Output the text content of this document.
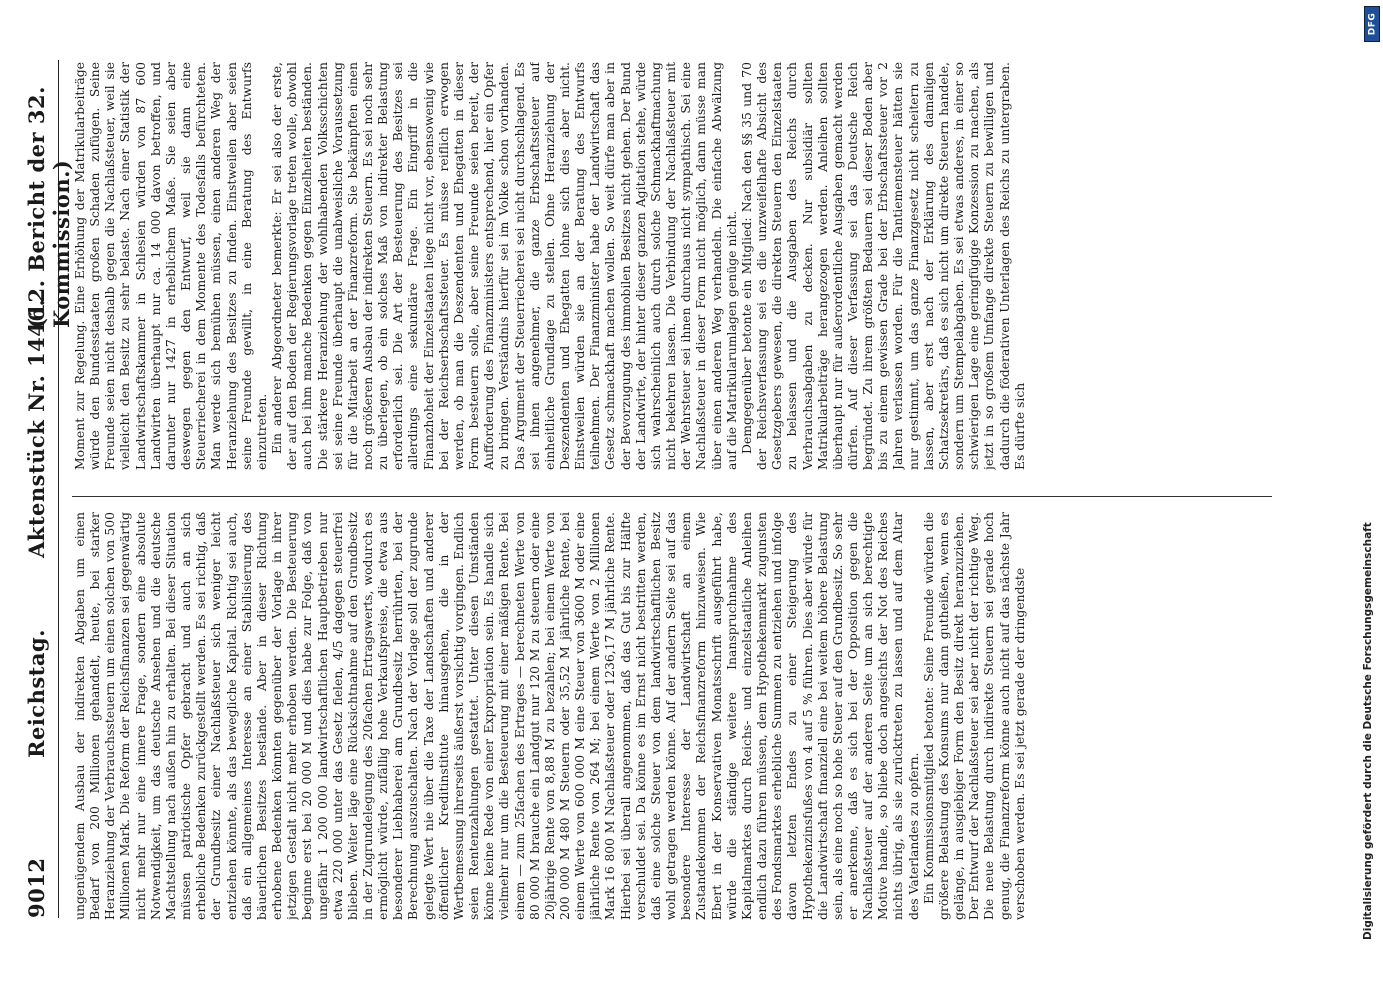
9012
Reichstag.
Aktenstück Nr. 1446.
(12. Bericht der 32. Kommission.)

ungenügendem Ausbau der indirekten Abgaben um einen Bedarf von 200 Millionen gehandelt, heute, bei starker Heranziehung der Verbrauchssteuern um einen solchen von 500 Millionen Mark. Die Reform der Reichsfinanzen sei gegenwärtig nicht mehr nur eine innere Frage, sondern eine absolute Notwendigkeit, um das deutsche Ansehen und die deutsche Machtstellung nach außen hin zu erhalten. Bei dieser Situation müssen patriotische Opfer gebracht und auch an sich erhebliche Bedenken zurückgestellt werden. Es sei richtig, daß der Grundbesitz einer Nachlaßsteuer sich weniger leicht entziehen könnte, als das bewegliche Kapital. Richtig sei auch, daß ein allgemeines Interesse an einer Stabilisierung des bäuerlichen Besitzes bestände. Aber in dieser Richtung erhobene Bedenken könnten gegenüber der Vorlage in ihrer jetzigen Gestalt nicht mehr erhoben werden. Die Besteuerung beginne erst bei 20 000 M und dies habe zur Folge, daß von ungefähr 1 200 000 landwirtschaftlichen Hauptbetrieben nur etwa 220 000 unter das Gesetz fielen, 4/5 dagegen steuerfrei blieben. Weiter läge eine Rücksichtnahme auf den Grundbesitz in der Zugrundelegung des 20fachen Ertragswerts, wodurch es ermöglicht würde, zufällig hohe Verkaufspreise, die etwa aus besonderer Liebhaberei am Grundbesitz herrührten, bei der Berechnung auszuschalten. Nach der Vorlage soll der zugrunde gelegte Wert nie über die Taxe der Landschaften und anderer öffentlicher Kreditinstitute hinausgehen, die in der Wertbemessung ihrerseits äußerst vorsichtig vorgingen. Endlich seien Rentenzahlungen gestattet. Unter diesen Umständen könne keine Rede von einer Expropriation sein. Es handle sich vielmehr nur um die Besteuerung mit einer mäßigen Rente. Bei einem — zum 25fachen des Ertrages — berechneten Werte von 80 000 M brauche ein Landgut nur 120 M zu steuern oder eine 20jährige Rente von 8,88 M zu bezahlen; bei einem Werte von 200 000 M 480 M Steuern oder 35,52 M jährliche Rente, bei einem Werte von 600 000 M eine Steuer von 3600 M oder eine jährliche Rente von 264 M; bei einem Werte von 2 Millionen Mark 16 800 M Nachlaßsteuer oder 1236,17 M jährliche Rente. Hierbei sei überall angenommen, daß das Gut bis zur Hälfte verschuldet sei. Da könne es im Ernst nicht bestritten werden, daß eine solche Steuer von dem landwirtschaftlichen Besitz wohl getragen werden könne. Auf der andern Seite sei auf das besondere Interesse der Landwirtschaft an einem Zustandekommen der Reichsfinanzreform hinzuweisen. Wie Ebert in der Konservativen Monatsschrift ausgeführt habe, würde die ständige weitere Inanspruchnahme des Kapitalmarktes durch Reichs- und einzelstaatliche Anleihen endlich dazu führen müssen, dem Hypothekenmarkt zugunsten des Fondsmarktes erhebliche Summen zu entziehen und infolge davon letzten Endes zu einer Steigerung des Hypothekenzinsfußes von 4 auf 5 % führen. Dies aber würde für die Landwirtschaft finanziell eine bei weitem höhere Belastung sein, als eine noch so hohe Steuer auf den Grundbesitz. So sehr er anerkenne, daß es sich bei der Opposition gegen die Nachlaßsteuer auf der anderen Seite um an sich berechtigte Motive handle, so bliebe doch angesichts der Not des Reiches nichts übrig, als sie zurücktreten zu lassen und auf dem Altar des Vaterlandes zu opfern. Ein Kommissionsmitglied betonte: Seine Freunde würden die größere Belastung des Konsums nur dann gutheißen, wenn es gelänge, in ausgiebiger Form den Besitz direkt heranzuziehen. Der Entwurf der Nachlaßsteuer sei aber nicht der richtige Weg. Die neue Belastung durch indirekte Steuern sei gerade hoch genug, die Finanzreform könne auch nicht auf das nächste Jahr verschoben werden. Es sei jetzt gerade der dringendste

Moment zur Regelung. Eine Erhöhung der Matrikularbeiträge würde den Bundesstaaten großen Schaden zufügen. Seine Freunde seien nicht deshalb gegen die Nachlaßsteuer, weil sie vielleicht den Besitz zu sehr belaste. Nach einer Statistik der Landwirtschaftskammer in Schlesien würden von 87 600 Landwirten überhaupt nur ca. 14 000 davon betroffen, und darunter nur 1427 in erheblichem Maße. Sie seien aber deswegen gegen den Entwurf, weil sie dann eine Steuerriecherei in dem Momente des Todesfalls befürchteten. Man werde sich bemühen müssen, einen anderen Weg der Heranziehung des Besitzes zu finden. Einstweilen aber seien seine Freunde gewillt, in eine Beratung des Entwurfs einzutreten. Ein anderer Abgeordneter bemerkte: Er sei also der erste, der auf den Boden der Regierungsvorlage treten wolle, obwohl auch bei ihm manche Bedenken gegen Einzelheiten beständen. Die stärkere Heranziehung der wohlhabenden Volksschichten sei seine Freunde überhaupt die unabweisliche Voraussetzung für die Mitarbeit an der Finanzreform. Sie bekämpften einen noch größeren Ausbau der indirekten Steuern. Es sei noch sehr zu überlegen, ob ein solches Maß von indirekter Belastung erforderlich sei. Die Art der Besteuerung des Besitzes sei allerdings eine sekundäre Frage. Ein Eingriff in die Finanzhoheit der Einzelstaaten liege nicht vor, ebensowenig wie bei der Reichserbschaftssteuer. Es müsse reiflich erwogen werden, ob man die Deszendenten und Ehegatten in dieser Form besteuern solle, aber seine Freunde seien bereit, der Aufforderung des Finanzministers entsprechend, hier ein Opfer zu bringen. Verständnis hierfür sei im Volke schon vorhanden. Das Argument der Steuerriecherei sei nicht durchschlagend. Es sei ihnen angenehmer, die ganze Erbschaftssteuer auf einheitliche Grundlage zu stellen. Ohne Heranziehung der Deszendenten und Ehegatten lohne sich dies aber nicht. Einstweilen würden sie an der Beratung des Entwurfs teilnehmen. Der Finanzminister habe der Landwirtschaft das Gesetz schmackhaft machen wollen. So weit dürfe man aber in der Bevorzugung des immobilen Besitzes nicht gehen. Der Bund der Landwirte, der hinter dieser ganzen Agitation stehe, würde sich wahrscheinlich auch durch solche Schmackhaftmachung nicht bekehren lassen. Die Verbindung der Nachlaßsteuer mit der Wehrsteuer sei ihnen durchaus nicht sympathisch. Sei eine Nachlaßsteuer in dieser Form nicht möglich, dann müsse man über einen anderen Weg verhandeln. Die einfache Abwälzung auf die Matrikularumlagen genüge nicht. Demgegenüber betonte ein Mitglied: Nach den §§ 35 und 70 der Reichsverfassung sei es die unzweifelhafte Absicht des Gesetzgebers gewesen, die direkten Steuern den Einzelstaaten zu belassen und die Ausgaben des Reichs durch Verbrauchsabgaben zu decken. Nur subsidiär sollten Matrikularbeiträge herangezogen werden. Anleihen sollten überhaupt nur für außerordentliche Ausgaben gemacht werden dürfen. Auf dieser Verfassung sei das Deutsche Reich begründet. Zu ihrem größten Bedauern sei dieser Boden aber bis zu einem gewissen Grade bei der Erbschaftssteuer vor 2 Jahren verlassen worden. Für die Tantiemensteuer hätten sie nur gestimmt, um das ganze Finanzgesetz nicht scheitern zu lassen, aber erst nach der Erklärung des damaligen Schatzsekretärs, daß es sich nicht um direkte Steuern handele, sondern um Stempelabgaben. Es sei etwas anderes, in einer so schwierigen Lage eine geringfügige Konzession zu machen, als jetzt in so großem Umfange direkte Steuern zu bewilligen und dadurch die föderativen Unterlagen des Reichs zu untergraben. Es dürfte sich

DFG
Digitalisierung gefördert durch die Deutsche Forschungsgemeinschaft
